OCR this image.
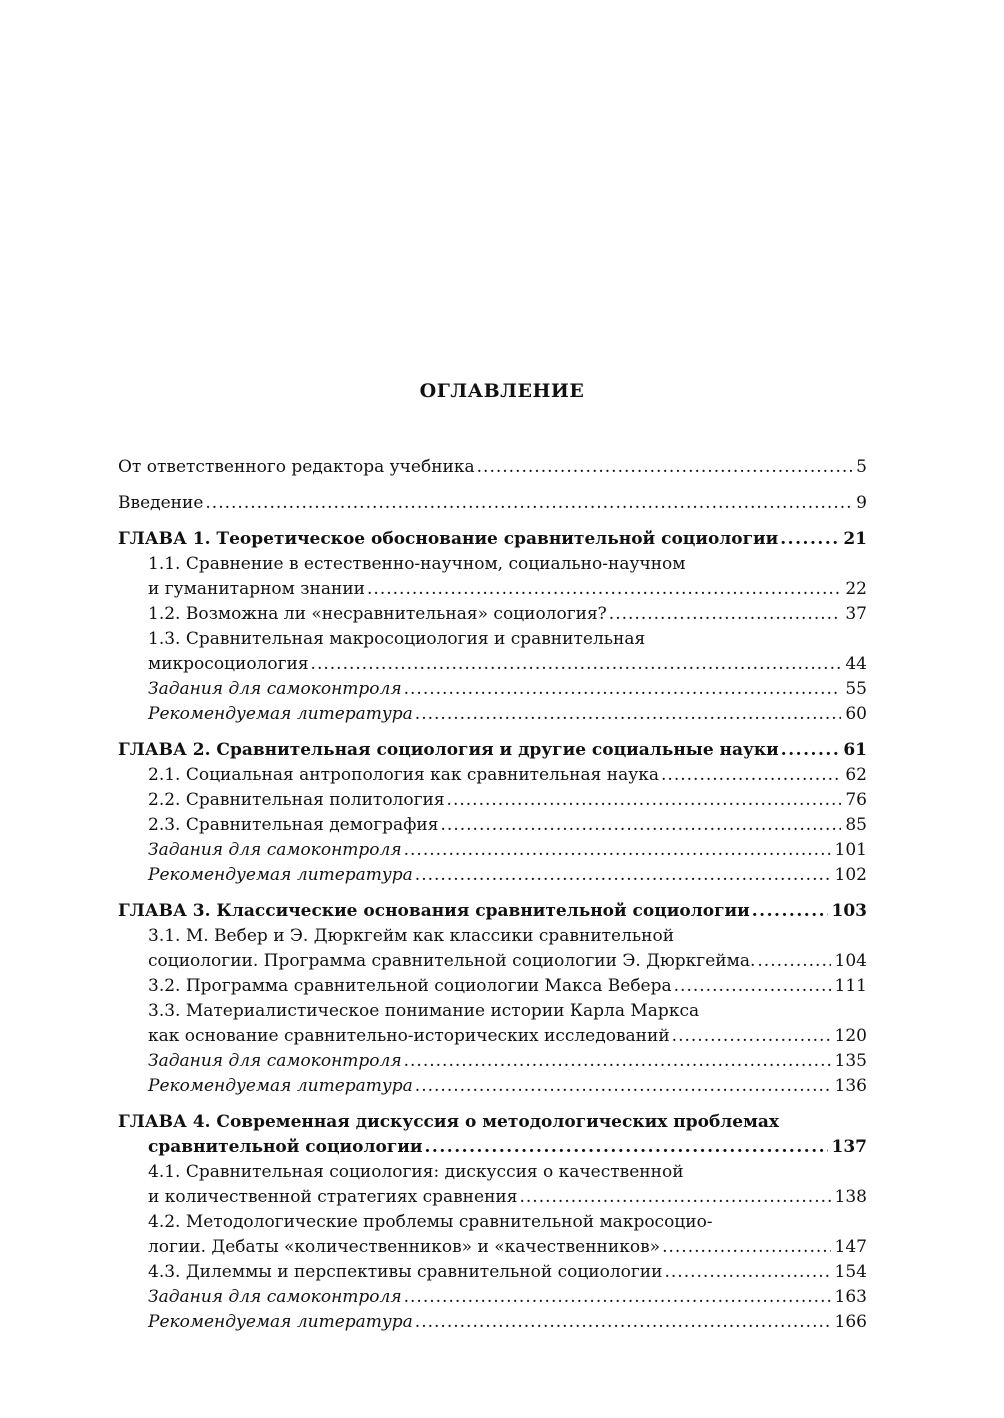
ОГЛАВЛЕНИЕ
От ответственного редактора учебника . . .	5
Введение . . .	9
ГЛАВА 1. Теоретическое обоснование сравнительной социологии . . .	21
1.1. Сравнение в естественно-научном, социально-научном
и гуманитарном знании . . .	22
1.2. Возможна ли «несравнительная» социология? . . .	37
1.3. Сравнительная макросоциология и сравнительная
микросоциология . . .	44
Задания для самоконтроля . . .	55
Рекомендуемая литература . . .	60
ГЛАВА 2. Сравнительная социология и другие социальные науки . . .	61
2.1. Социальная антропология как сравнительная наука . . .	62
2.2. Сравнительная политология . . .	76
2.3. Сравнительная демография . . .	85
Задания для самоконтроля . . .	101
Рекомендуемая литература . . .	102
ГЛАВА 3. Классические основания сравнительной социологии . . .	103
3.1. М. Вебер и Э. Дюркгейм как классики сравнительной
социологии. Программа сравнительной социологии Э. Дюркгейма. . . .	104
3.2. Программа сравнительной социологии Макса Вебера . . .	111
3.3. Материалистическое понимание истории Карла Маркса
как основание сравнительно-исторических исследований . . .	120
Задания для самоконтроля . . .	135
Рекомендуемая литература . . .	136
ГЛАВА 4. Современная дискуссия о методологических проблемах
сравнительной социологии . . .	137
4.1. Сравнительная социология: дискуссия о качественной
и количественной стратегиях сравнения . . .	138
4.2. Методологические проблемы сравнительной макросоцио-
логии. Дебаты «количественников» и «качественников» . . .	147
4.3. Дилеммы и перспективы сравнительной социологии . . .	154
Задания для самоконтроля . . .	163
Рекомендуемая литература . . .	166
